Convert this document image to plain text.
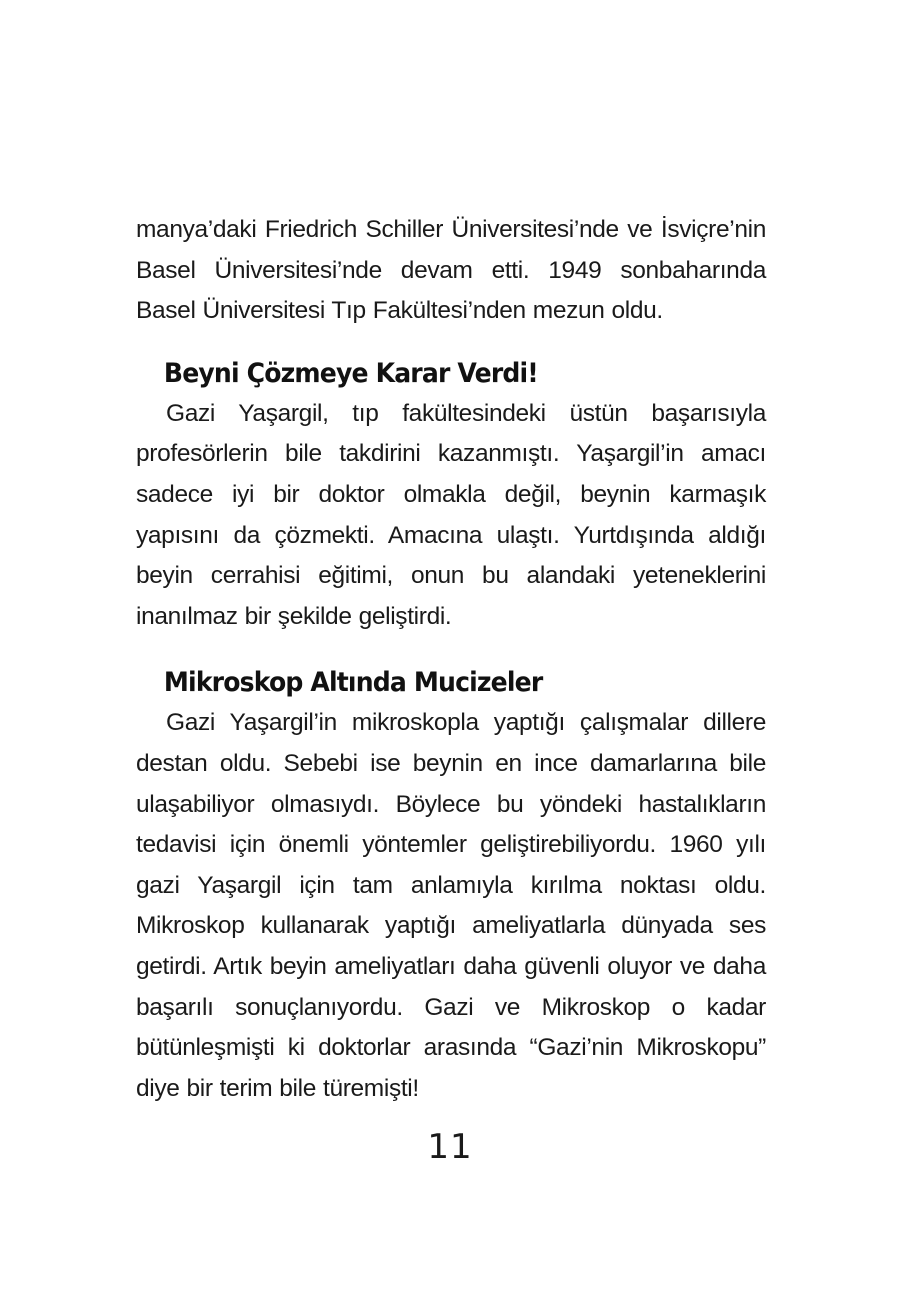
manya’daki Friedrich Schiller Üniversitesi’nde ve İsviçre’nin Basel Üniversitesi’nde devam etti. 1949 sonbaharında Basel Üniversitesi Tıp Fakültesi’nden mezun oldu.

Beyni Çözmeye Karar Verdi!

Gazi Yaşargil, tıp fakültesindeki üstün başarısıyla profesörlerin bile takdirini kazanmıştı. Yaşargil’in amacı sadece iyi bir doktor olmakla değil, beynin karmaşık yapısını da çözmekti. Amacına ulaştı. Yurtdışında aldığı beyin cerrahisi eğitimi, onun bu alandaki yeteneklerini inanılmaz bir şekilde geliştirdi.

Mikroskop Altında Mucizeler

Gazi Yaşargil’in mikroskopla yaptığı çalışmalar dillere destan oldu. Sebebi ise beynin en ince damarlarına bile ulaşabiliyor olmasıydı. Böylece bu yöndeki hastalıkların tedavisi için önemli yöntemler geliştirebiliyordu. 1960 yılı gazi Yaşargil için tam anlamıyla kırılma noktası oldu. Mikroskop kullanarak yaptığı ameliyatlarla dünyada ses getirdi. Artık beyin ameliyatları daha güvenli oluyor ve daha başarılı sonuçlanıyordu. Gazi ve Mikroskop o kadar bütünleşmişti ki doktorlar arasında “Gazi’nin Mikroskopu” diye bir terim bile türemişti!

11
